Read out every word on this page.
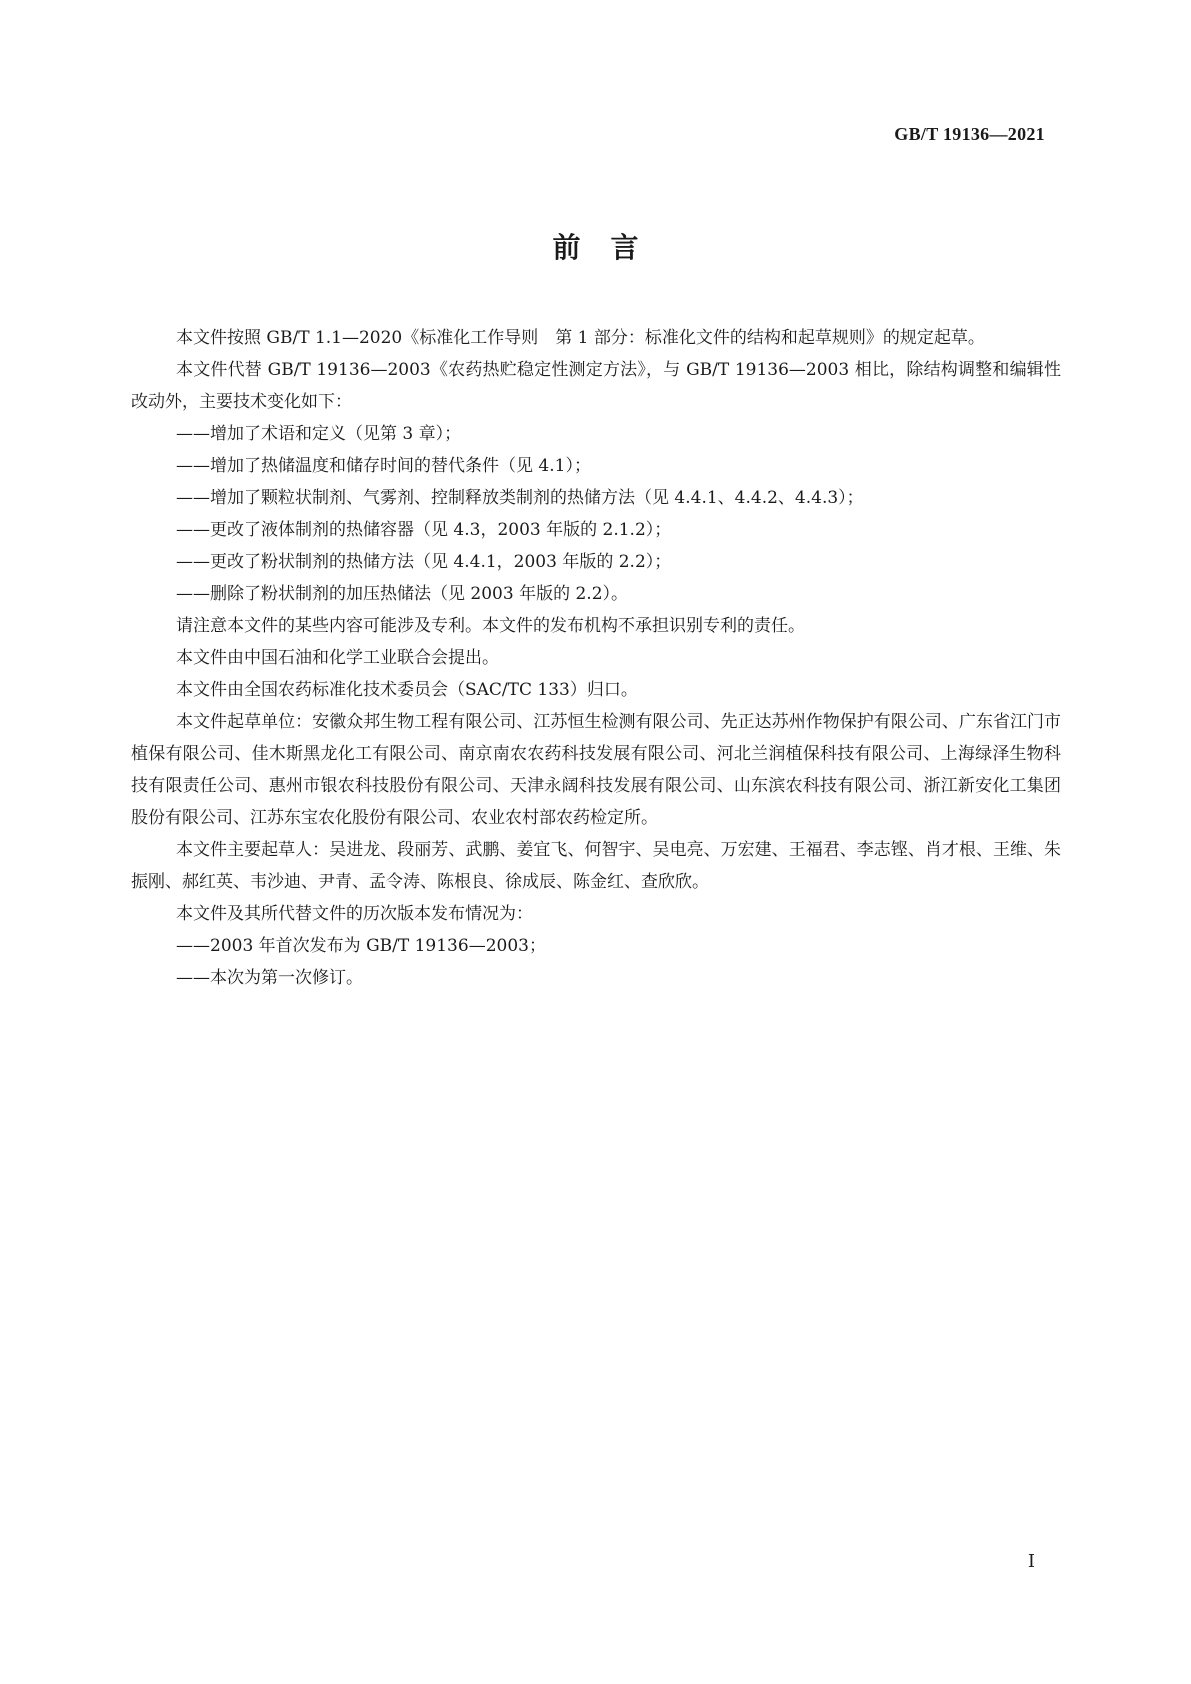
GB/T 19136—2021
前言

本文件按照 GB/T 1.1—2020《标准化工作导则　第 1 部分：标准化文件的结构和起草规则》的规定起草。

本文件代替 GB/T 19136—2003《农药热贮稳定性测定方法》，与 GB/T 19136—2003 相比，除结构调整和编辑性改动外，主要技术变化如下：

——增加了术语和定义（见第 3 章）；

——增加了热储温度和储存时间的替代条件（见 4.1）；

——增加了颗粒状制剂、气雾剂、控制释放类制剂的热储方法（见 4.4.1、4.4.2、4.4.3）；

——更改了液体制剂的热储容器（见 4.3，2003 年版的 2.1.2）；

——更改了粉状制剂的热储方法（见 4.4.1，2003 年版的 2.2）；

——删除了粉状制剂的加压热储法（见 2003 年版的 2.2）。

请注意本文件的某些内容可能涉及专利。本文件的发布机构不承担识别专利的责任。

本文件由中国石油和化学工业联合会提出。

本文件由全国农药标准化技术委员会（SAC/TC 133）归口。

本文件起草单位：安徽众邦生物工程有限公司、江苏恒生检测有限公司、先正达苏州作物保护有限公司、广东省江门市植保有限公司、佳木斯黑龙化工有限公司、南京南农农药科技发展有限公司、河北兰润植保科技有限公司、上海绿泽生物科技有限责任公司、惠州市银农科技股份有限公司、天津永阔科技发展有限公司、山东滨农科技有限公司、浙江新安化工集团股份有限公司、江苏东宝农化股份有限公司、农业农村部农药检定所。

本文件主要起草人：吴进龙、段丽芳、武鹏、姜宜飞、何智宇、吴电亮、万宏建、王福君、李志铿、肖才根、王维、朱振刚、郝红英、韦沙迪、尹青、孟令涛、陈根良、徐成辰、陈金红、查欣欣。

本文件及其所代替文件的历次版本发布情况为：

——2003 年首次发布为 GB/T 19136—2003；

——本次为第一次修订。

I
